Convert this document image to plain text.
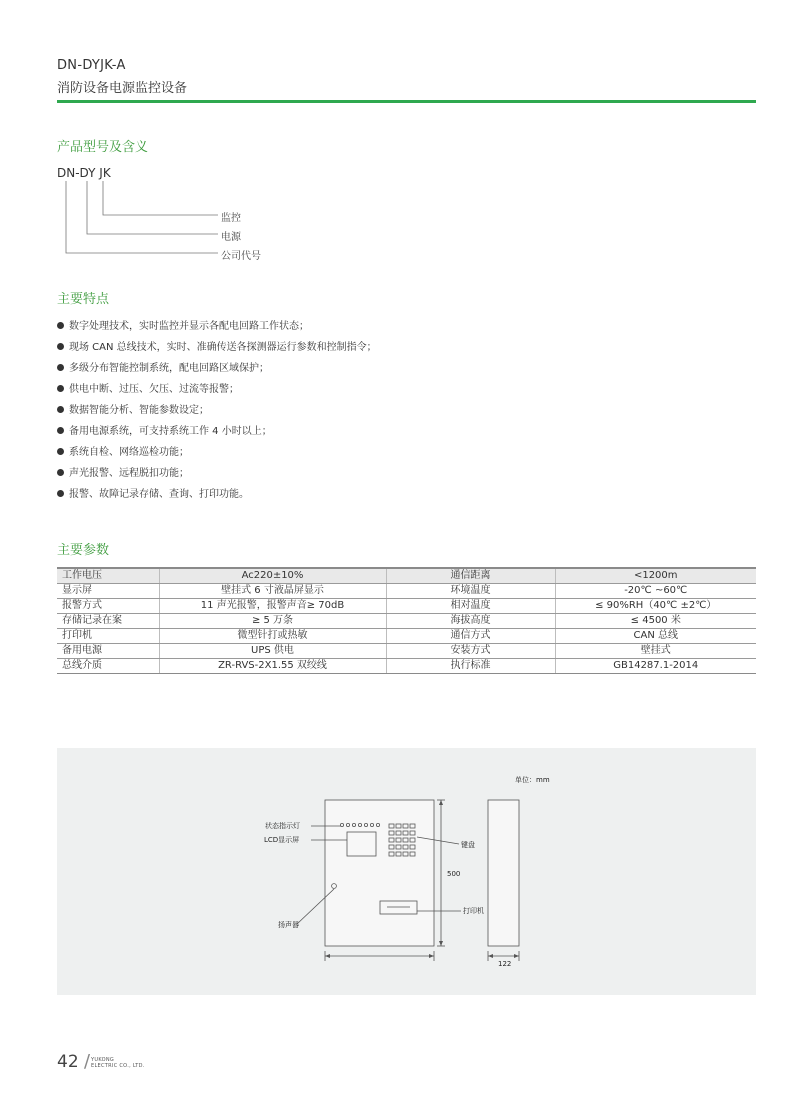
DN-DYJK-A
消防设备电源监控设备
产品型号及含义
DN-DY JK
监控
电源
公司代号
主要特点
数字处理技术，实时监控并显示各配电回路工作状态；
现场 CAN 总线技术，实时、准确传送各探测器运行参数和控制指令；
多级分布智能控制系统，配电回路区域保护；
供电中断、过压、欠压、过流等报警；
数据智能分析、智能参数设定；
备用电源系统，可支持系统工作 4 小时以上；
系统自检、网络巡检功能；
声光报警、远程脱扣功能；
报警、故障记录存储、查询、打印功能。
主要参数
工作电压	Ac220±10%	通信距离	<1200m
显示屏	壁挂式 6 寸液晶屏显示	环境温度	-20℃ ~60℃
报警方式	11 声光报警，报警声音≥ 70dB	相对温度	≤ 90%RH（40℃ ±2℃）
存储记录在案	≥ 5 万条	海拔高度	≤ 4500 米
打印机	微型针打或热敏	通信方式	CAN 总线
备用电源	UPS 供电	安装方式	壁挂式
总线介质	ZR-RVS-2X1.55 双绞线	执行标准	GB14287.1-2014
单位：mm
状态指示灯
LCD显示屏
键盘
500
打印机
扬声器
122
42 / YUKONG
ELECTRIC CO., LTD.
